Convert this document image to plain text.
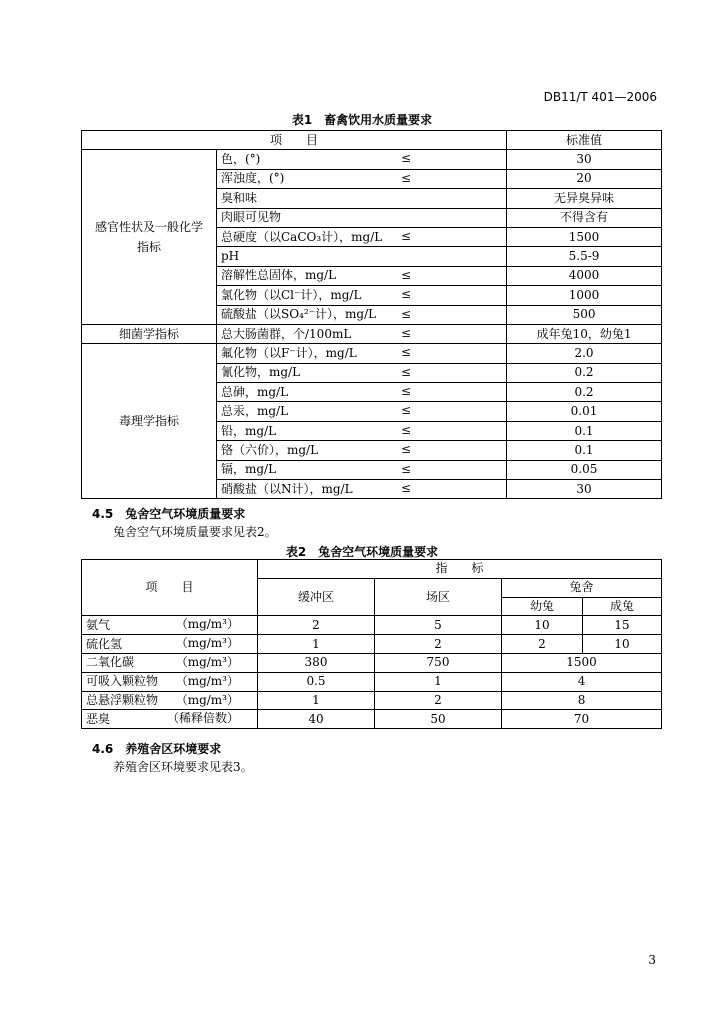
DB11/T 401—2006
表1　畜禽饮用水质量要求
项　　目		标准值
感官性状及一般化学指标	色，(°) ≤	30
	浑浊度，(°) ≤	20
	臭和味	无异臭异味
	肉眼可见物	不得含有
	总硬度（以CaCO₃计），mg/L ≤	1500
	pH	5.5-9
	溶解性总固体，mg/L ≤	4000
	氯化物（以Cl⁻计），mg/L ≤	1000
	硫酸盐（以SO₄²⁻计），mg/L ≤	500
细菌学指标	总大肠菌群，个/100mL ≤	成年兔10，幼兔1
毒理学指标	氟化物（以F⁻计），mg/L ≤	2.0
	氰化物，mg/L ≤	0.2
	总砷，mg/L ≤	0.2
	总汞，mg/L ≤	0.01
	铅，mg/L ≤	0.1
	铬（六价），mg/L ≤	0.1
	镉，mg/L ≤	0.05
	硝酸盐（以N计），mg/L ≤	30
4.5　兔舍空气环境质量要求
兔舍空气环境质量要求见表2。
表2　兔舍空气环境质量要求
项　　目	指　　标			
	缓冲区	场区	兔舍	
			幼兔	成兔
氨气 （mg/m³）	2	5	10	15
硫化氢 （mg/m³）	1	2	2	10
二氧化碳 （mg/m³）	380	750	1500	
可吸入颗粒物 （mg/m³）	0.5	1	4	
总悬浮颗粒物 （mg/m³）	1	2	8	
恶臭 （稀释倍数）	40	50	70	
4.6　养殖舍区环境要求
养殖舍区环境要求见表3。
3
